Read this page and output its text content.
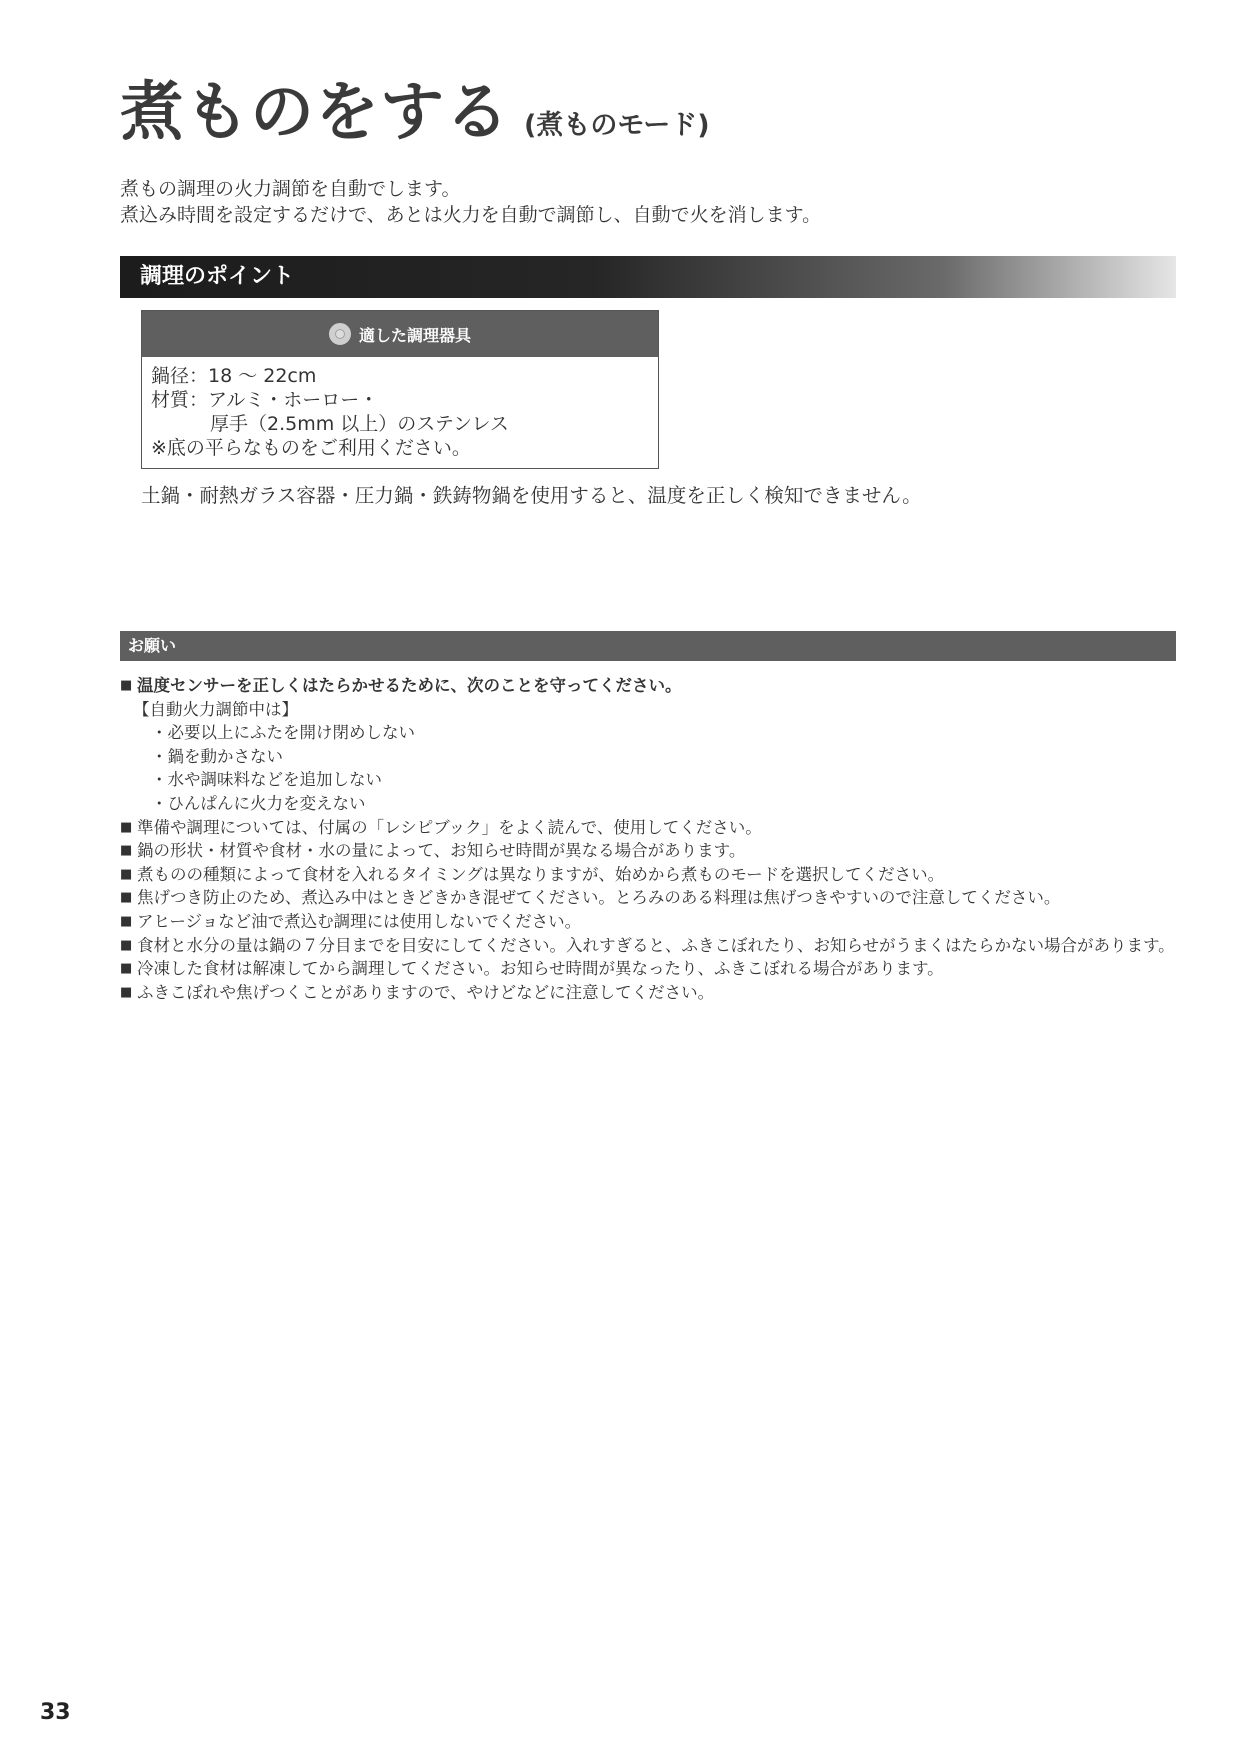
煮ものをする (煮ものモード)
煮もの調理の火力調節を自動でします。
煮込み時間を設定するだけで、あとは火力を自動で調節し、自動で火を消します。
調理のポイント
適した調理器具
鍋径：18 ～ 22cm
材質：アルミ・ホーロー・
厚手（2.5mm 以上）のステンレス
※底の平らなものをご利用ください。
土鍋・耐熱ガラス容器・圧力鍋・鉄鋳物鍋を使用すると、温度を正しく検知できません。
お願い
■ 温度センサーを正しくはたらかせるために、次のことを守ってください。
【自動火力調節中は】
・必要以上にふたを開け閉めしない
・鍋を動かさない
・水や調味料などを追加しない
・ひんぱんに火力を変えない
■ 準備や調理については、付属の「レシピブック」をよく読んで、使用してください。
■ 鍋の形状・材質や食材・水の量によって、お知らせ時間が異なる場合があります。
■ 煮ものの種類によって食材を入れるタイミングは異なりますが、始めから煮ものモードを選択してください。
■ 焦げつき防止のため、煮込み中はときどきかき混ぜてください。とろみのある料理は焦げつきやすいので注意してください。
■ アヒージョなど油で煮込む調理には使用しないでください。
■ 食材と水分の量は鍋の７分目までを目安にしてください。入れすぎると、ふきこぼれたり、お知らせがうまくはたらかない場合があります。
■ 冷凍した食材は解凍してから調理してください。お知らせ時間が異なったり、ふきこぼれる場合があります。
■ ふきこぼれや焦げつくことがありますので、やけどなどに注意してください。
33
